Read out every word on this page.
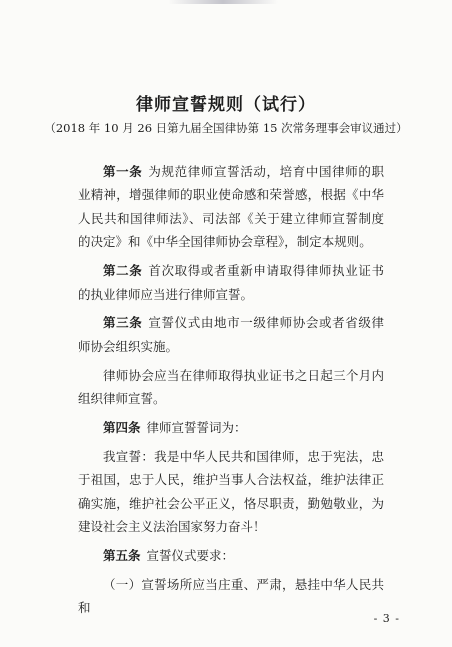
律师宣誓规则（试行）
（2018 年 10 月 26 日第九届全国律协第 15 次常务理事会审议通过）

第一条 为规范律师宣誓活动，培育中国律师的职业精神，增强律师的职业使命感和荣誉感，根据《中华人民共和国律师法》、司法部《关于建立律师宣誓制度的决定》和《中华全国律师协会章程》，制定本规则。

第二条 首次取得或者重新申请取得律师执业证书的执业律师应当进行律师宣誓。

第三条 宣誓仪式由地市一级律师协会或者省级律师协会组织实施。

律师协会应当在律师取得执业证书之日起三个月内组织律师宣誓。

第四条 律师宣誓誓词为：

我宣誓：我是中华人民共和国律师，忠于宪法，忠于祖国，忠于人民，维护当事人合法权益，维护法律正确实施，维护社会公平正义，恪尽职责，勤勉敬业，为建设社会主义法治国家努力奋斗！

第五条 宣誓仪式要求：

（一）宣誓场所应当庄重、严肃，悬挂中华人民共和

- 3 -
